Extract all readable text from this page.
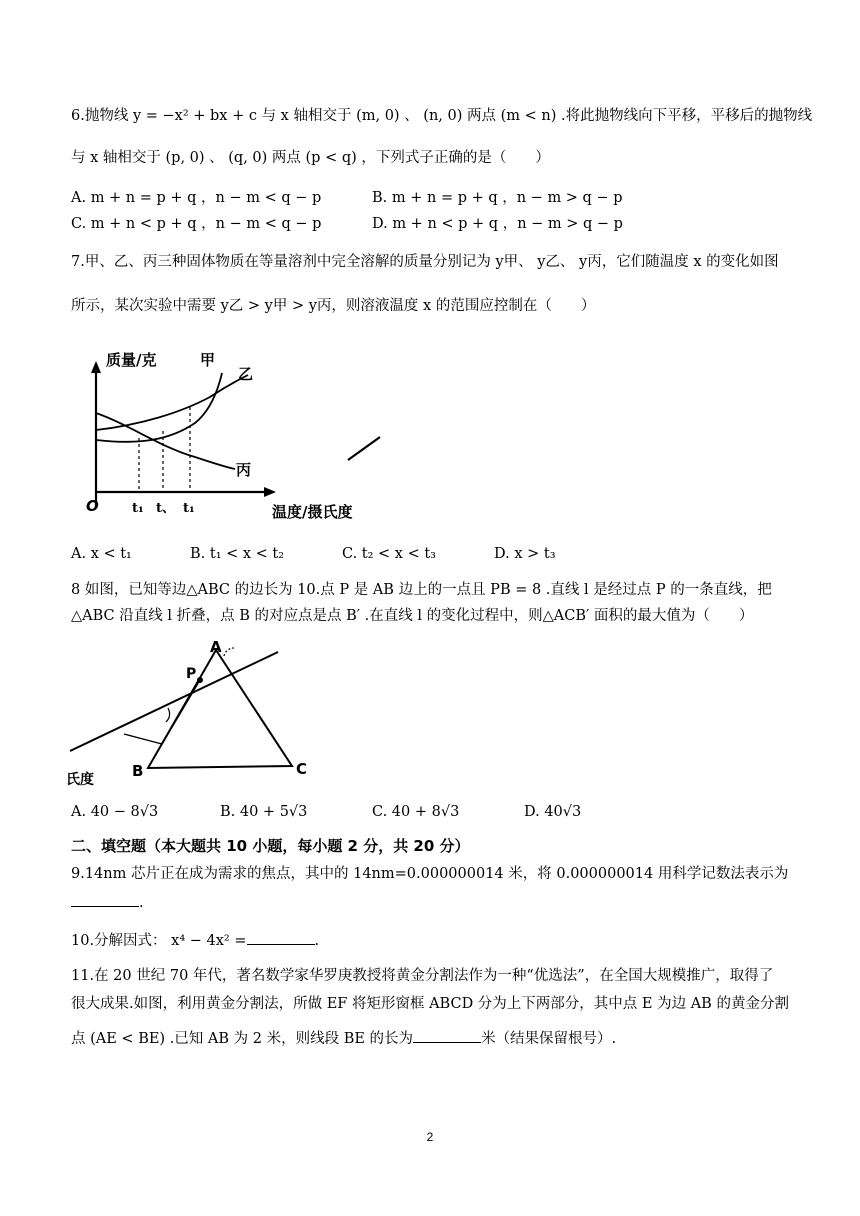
6.抛物线 y = −x² + bx + c 与 x 轴相交于 (m, 0) 、 (n, 0) 两点 (m < n) .将此抛物线向下平移，平移后的抛物线
与 x 轴相交于 (p, 0) 、 (q, 0) 两点 (p < q) ，下列式子正确的是（　　）
A. m + n = p + q ，n − m < q − p	B. m + n = p + q ，n − m > q − p
C. m + n < p + q ，n − m < q − p	D. m + n < p + q ，n − m > q − p
7.甲、乙、丙三种固体物质在等量溶剂中完全溶解的质量分别记为 y甲、 y乙、 y丙，它们随温度 x 的变化如图
所示，某次实验中需要 y乙 > y甲 > y丙，则溶液温度 x 的范围应控制在（　　）
质量/克	甲
乙
丙
O	t₁ t、 t₁	温度/摄氏度
A. x < t₁	B. t₁ < x < t₂	C. t₂ < x < t₃	D. x > t₃
8 如图，已知等边△ABC 的边长为 10.点 P 是 AB 边上的一点且 PB = 8 .直线 l 是经过点 P 的一条直线，把
△ABC 沿直线 l 折叠，点 B 的对应点是点 B′ .在直线 l 的变化过程中，则△ACB′ 面积的最大值为（　　）
A
P
B	C
氏度
A. 40 − 8√3	B. 40 + 5√3	C. 40 + 8√3	D. 40√3
二、填空题（本大题共 10 小题，每小题 2 分，共 20 分）
9.14nm 芯片正在成为需求的焦点，其中的 14nm=0.000000014 米，将 0.000000014 用科学记数法表示为
.
10.分解因式： x⁴ − 4x² =	.
11.在 20 世纪 70 年代，著名数学家华罗庚教授将黄金分割法作为一种“优选法”，在全国大规模推广，取得了
很大成果.如图，利用黄金分割法，所做 EF 将矩形窗框 ABCD 分为上下两部分，其中点 E 为边 AB 的黄金分割
点 (AE < BE) .已知 AB 为 2 米，则线段 BE 的长为	米（结果保留根号）.
2
